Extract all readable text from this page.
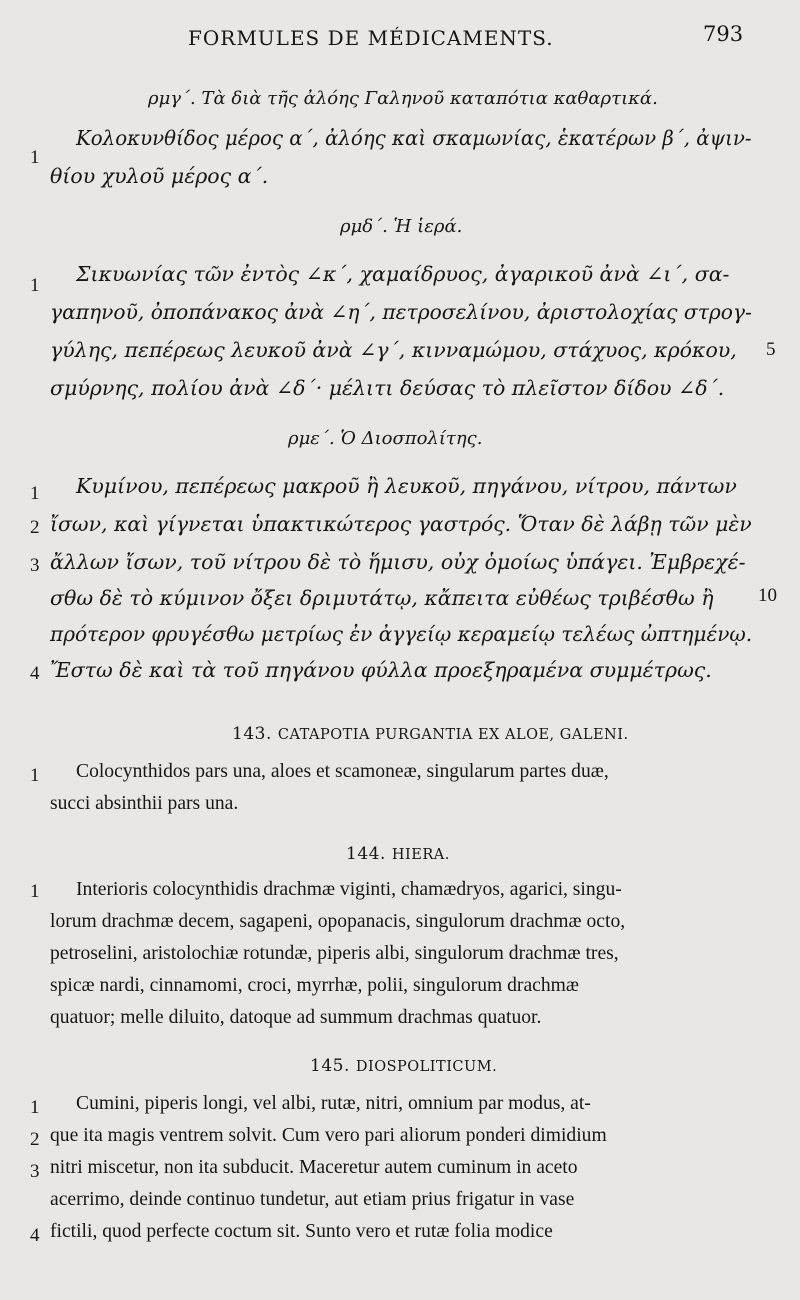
FORMULES DE MÉDICAMENTS.	793
ρμγ΄. Τὰ διὰ τῆς ἀλόης Γαληνοῦ καταπότια καθαρτικά.
1
Κολοκυνθίδος μέρος α΄, ἀλόης καὶ σκαμωνίας, ἑκατέρων β΄, ἀψιν-
θίου χυλοῦ μέρος α΄.
ρμδ΄. Ἡ ἱερά.
1 Σικυωνίας τῶν ἐντὸς ∠κ΄, χαμαίδρυος, ἀγαρικοῦ ἀνὰ ∠ι΄, σα-
γαπηνοῦ, ὀποπάνακος ἀνὰ ∠η΄, πετροσελίνου, ἀριστολοχίας στρογ-
γύλης, πεπέρεως λευκοῦ ἀνὰ ∠γ΄, κινναμώμου, στάχυος, κρόκου, 5
σμύρνης, πολίου ἀνὰ ∠δ΄· μέλιτι δεύσας τὸ πλεῖστον δίδου ∠δ΄.
ρμε΄. Ὁ Διοσπολίτης.
1 Κυμίνου, πεπέρεως μακροῦ ἢ λευκοῦ, πηγάνου, νίτρου, πάντων
2 ἴσων, καὶ γίγνεται ὑπακτικώτερος γαστρός. Ὅταν δὲ λάβῃ τῶν μὲν
3 ἄλλων ἴσων, τοῦ νίτρου δὲ τὸ ἥμισυ, οὐχ ὁμοίως ὑπάγει. Ἐμβρεχέ-
σθω δὲ τὸ κύμινον ὄξει δριμυτάτῳ, κἄπειτα εὐθέως τριβέσθω ἢ 10
πρότερον φρυγέσθω μετρίως ἐν ἀγγείῳ κεραμείῳ τελέως ὠπτημένῳ.
4 Ἔστω δὲ καὶ τὰ τοῦ πηγάνου φύλλα προεξηραμένα συμμέτρως.
143. CATAPOTIA PURGANTIA EX ALOE, GALENI.
1 Colocynthidos pars una, aloes et scamoneæ, singularum partes duæ,
succi absinthii pars una.
144. HIERA.
1 Interioris colocynthidis drachmæ viginti, chamædryos, agarici, singu-
lorum drachmæ decem, sagapeni, opopanacis, singulorum drachmæ octo,
petroselini, aristolochiæ rotundæ, piperis albi, singulorum drachmæ tres,
spicæ nardi, cinnamomi, croci, myrrhæ, polii, singulorum drachmæ
quatuor; melle diluito, datoque ad summum drachmas quatuor.
145. DIOSPOLITICUM.
1 Cumini, piperis longi, vel albi, rutæ, nitri, omnium par modus, at-
2 que ita magis ventrem solvit. Cum vero pari aliorum ponderi dimidium
3 nitri miscetur, non ita subducit. Maceretur autem cuminum in aceto
acerrimo, deinde continuo tundetur, aut etiam prius frigatur in vase
4 fictili, quod perfecte coctum sit. Sunto vero et rutæ folia modice
